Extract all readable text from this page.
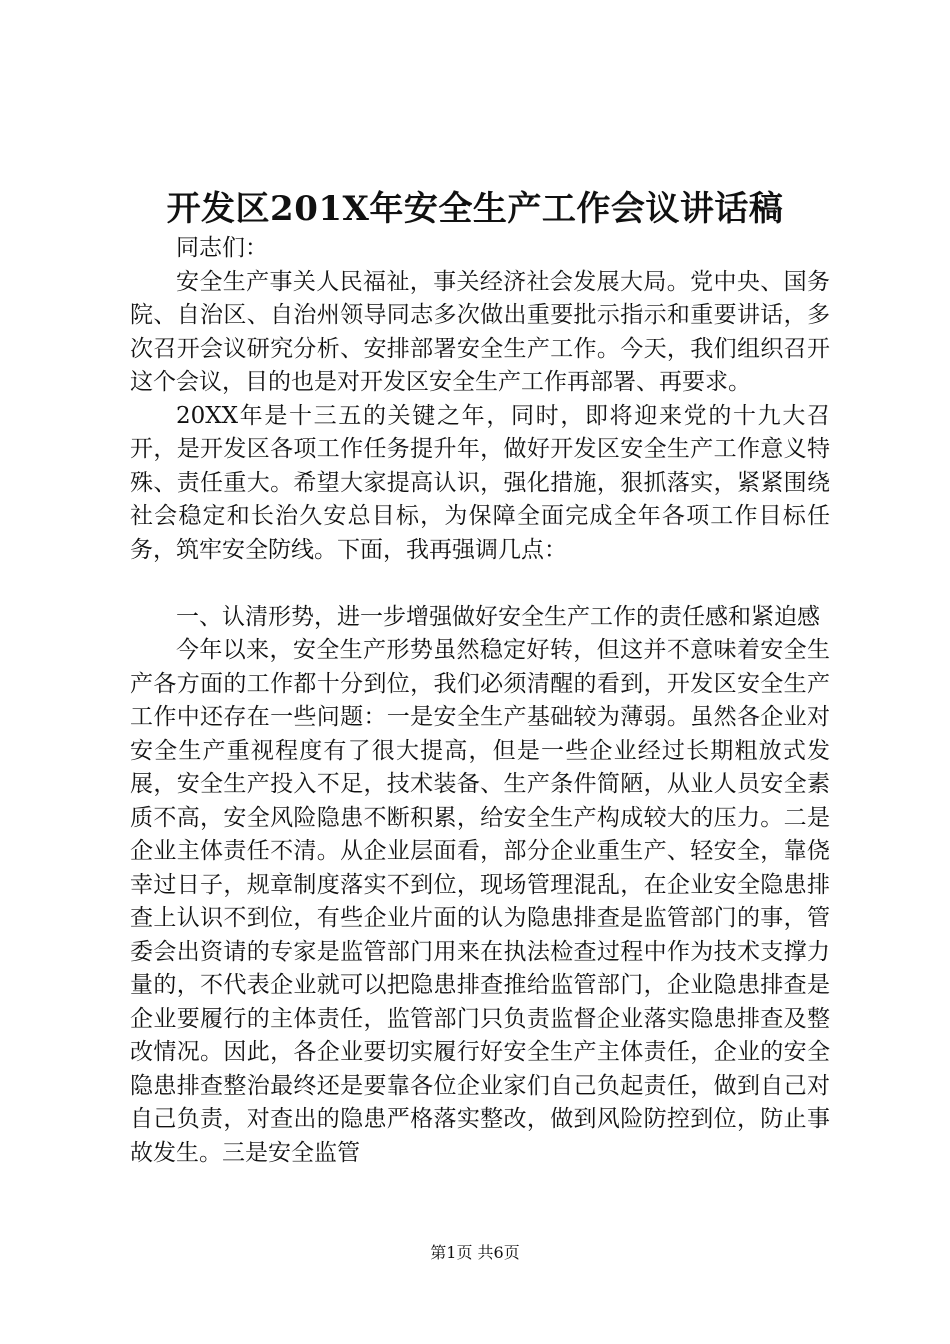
开发区201X年安全生产工作会议讲话稿

同志们：

安全生产事关人民福祉，事关经济社会发展大局。党中央、国务院、自治区、自治州领导同志多次做出重要批示指示和重要讲话，多次召开会议研究分析、安排部署安全生产工作。今天，我们组织召开这个会议，目的也是对开发区安全生产工作再部署、再要求。

20XX年是十三五的关键之年，同时，即将迎来党的十九大召开，是开发区各项工作任务提升年，做好开发区安全生产工作意义特殊、责任重大。希望大家提高认识，强化措施，狠抓落实，紧紧围绕社会稳定和长治久安总目标，为保障全面完成全年各项工作目标任务，筑牢安全防线。下面，我再强调几点：

一、认清形势，进一步增强做好安全生产工作的责任感和紧迫感

今年以来，安全生产形势虽然稳定好转，但这并不意味着安全生产各方面的工作都十分到位，我们必须清醒的看到，开发区安全生产工作中还存在一些问题：一是安全生产基础较为薄弱。虽然各企业对安全生产重视程度有了很大提高，但是一些企业经过长期粗放式发展，安全生产投入不足，技术装备、生产条件简陋，从业人员安全素质不高，安全风险隐患不断积累，给安全生产构成较大的压力。二是企业主体责任不清。从企业层面看，部分企业重生产、轻安全，靠侥幸过日子，规章制度落实不到位，现场管理混乱，在企业安全隐患排查上认识不到位，有些企业片面的认为隐患排查是监管部门的事，管委会出资请的专家是监管部门用来在执法检查过程中作为技术支撑力量的，不代表企业就可以把隐患排查推给监管部门，企业隐患排查是企业要履行的主体责任，监管部门只负责监督企业落实隐患排查及整改情况。因此，各企业要切实履行好安全生产主体责任，企业的安全隐患排查整治最终还是要靠各位企业家们自己负起责任，做到自己对自己负责，对查出的隐患严格落实整改，做到风险防控到位，防止事故发生。三是安全监管

第1页 共6页
